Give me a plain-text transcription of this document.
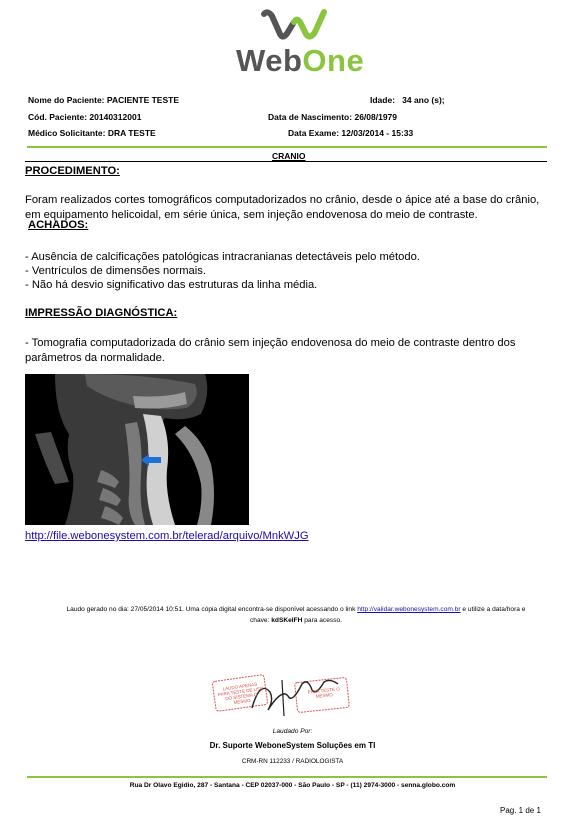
WebOne
Nome do Paciente: PACIENTE TESTE	Idade: 34 ano (s);
Cód. Paciente: 20140312001	Data de Nascimento: 26/08/1979
Médico Solicitante: DRA TESTE	Data Exame: 12/03/2014 - 15:33
CRANIO
PROCEDIMENTO:
Foram realizados cortes tomográficos computadorizados no crânio, desde o ápice até a base do crânio, em equipamento helicoidal, em série única, sem injeção endovenosa do meio de contraste.
ACHADOS:
- Ausência de calcificações patológicas intracranianas detectáveis pelo método.
- Ventrículos de dimensões normais.
- Não há desvio significativo das estruturas da linha média.
IMPRESSÃO DIAGNÓSTICA:
- Tomografia computadorizada do crânio sem injeção endovenosa do meio de contraste dentro dos parâmetros da normalidade.
http://file.webonesystem.com.br/telerad/arquivo/MnkWJG
Laudo gerado no dia: 27/05/2014 10:51. Uma cópia digital encontra-se disponível acessando o link http://validar.webonesystem.com.br e utilize a data/hora e
chave: kdSKeIFH para acesso.
LAUDO APENAS PARA TESTE DE USO DO SISTEMA O MESMO
PARA TESTE O MESMO
Laudado Por:
Dr. Suporte WeboneSystem Soluções em TI
CRM-RN 112233 / RADIOLOGISTA
Rua Dr Olavo Egidio, 287 - Santana - CEP 02037-000 - São Paulo - SP - (11) 2974-3000 - senna.globo.com
Pag. 1 de 1
